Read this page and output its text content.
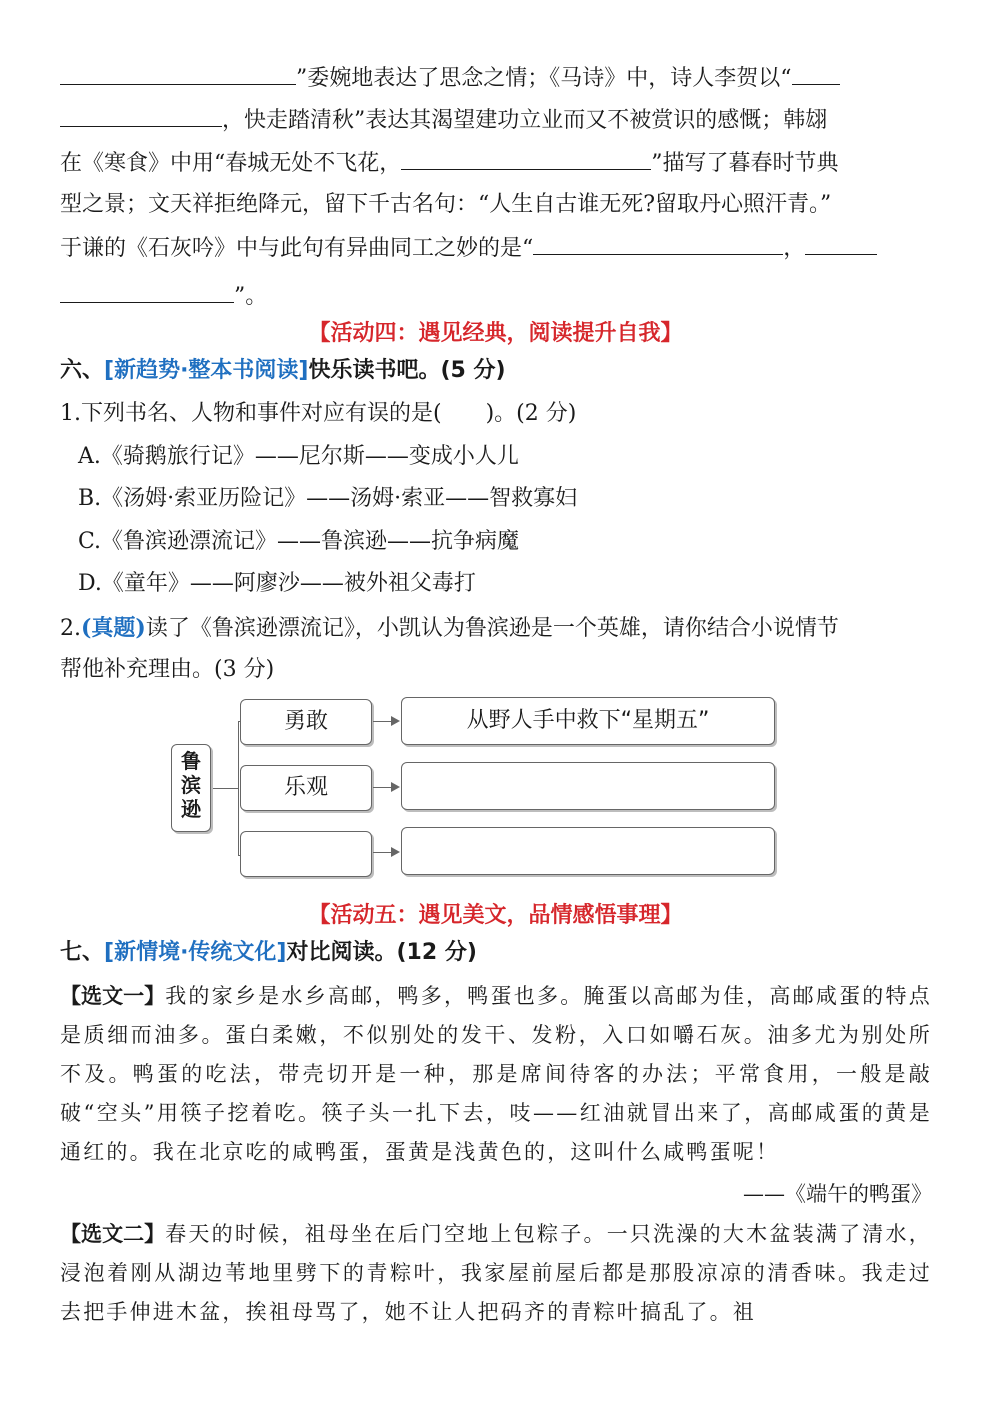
”委婉地表达了思念之情；《马诗》中，诗人李贺以“
，快走踏清秋”表达其渴望建功立业而又不被赏识的感慨；韩翃
在《寒食》中用“春城无处不飞花，	”描写了暮春时节典
型之景；文天祥拒绝降元，留下千古名句：“人生自古谁无死?留取丹心照汗青。”
于谦的《石灰吟》中与此句有异曲同工之妙的是“	，
”。
【活动四：遇见经典，阅读提升自我】
六、[新趋势·整本书阅读]快乐读书吧。(5 分)
1.下列书名、人物和事件对应有误的是(　　)。(2 分)
A.《骑鹅旅行记》——尼尔斯——变成小人儿
B.《汤姆·索亚历险记》——汤姆·索亚——智救寡妇
C.《鲁滨逊漂流记》——鲁滨逊——抗争病魔
D.《童年》——阿廖沙——被外祖父毒打
2.(真题)读了《鲁滨逊漂流记》，小凯认为鲁滨逊是一个英雄，请你结合小说情节
帮他补充理由。(3 分)
鲁滨逊
勇敢	从野人手中救下“星期五”
乐观
【活动五：遇见美文，品情感悟事理】
七、[新情境·传统文化]对比阅读。(12 分)
【选文一】我的家乡是水乡高邮，鸭多，鸭蛋也多。腌蛋以高邮为佳，高邮咸蛋的特点是质细而油多。蛋白柔嫩，不似别处的发干、发粉，入口如嚼石灰。油多尤为别处所不及。鸭蛋的吃法，带壳切开是一种，那是席间待客的办法；平常食用，一般是敲破“空头”用筷子挖着吃。筷子头一扎下去，吱——红油就冒出来了，高邮咸蛋的黄是通红的。我在北京吃的咸鸭蛋，蛋黄是浅黄色的，这叫什么咸鸭蛋呢！
——《端午的鸭蛋》
【选文二】春天的时候，祖母坐在后门空地上包粽子。一只洗澡的大木盆装满了清水，浸泡着刚从湖边苇地里劈下的青粽叶，我家屋前屋后都是那股凉凉的清香味。我走过去把手伸进木盆，挨祖母骂了，她不让人把码齐的青粽叶搞乱了。祖
